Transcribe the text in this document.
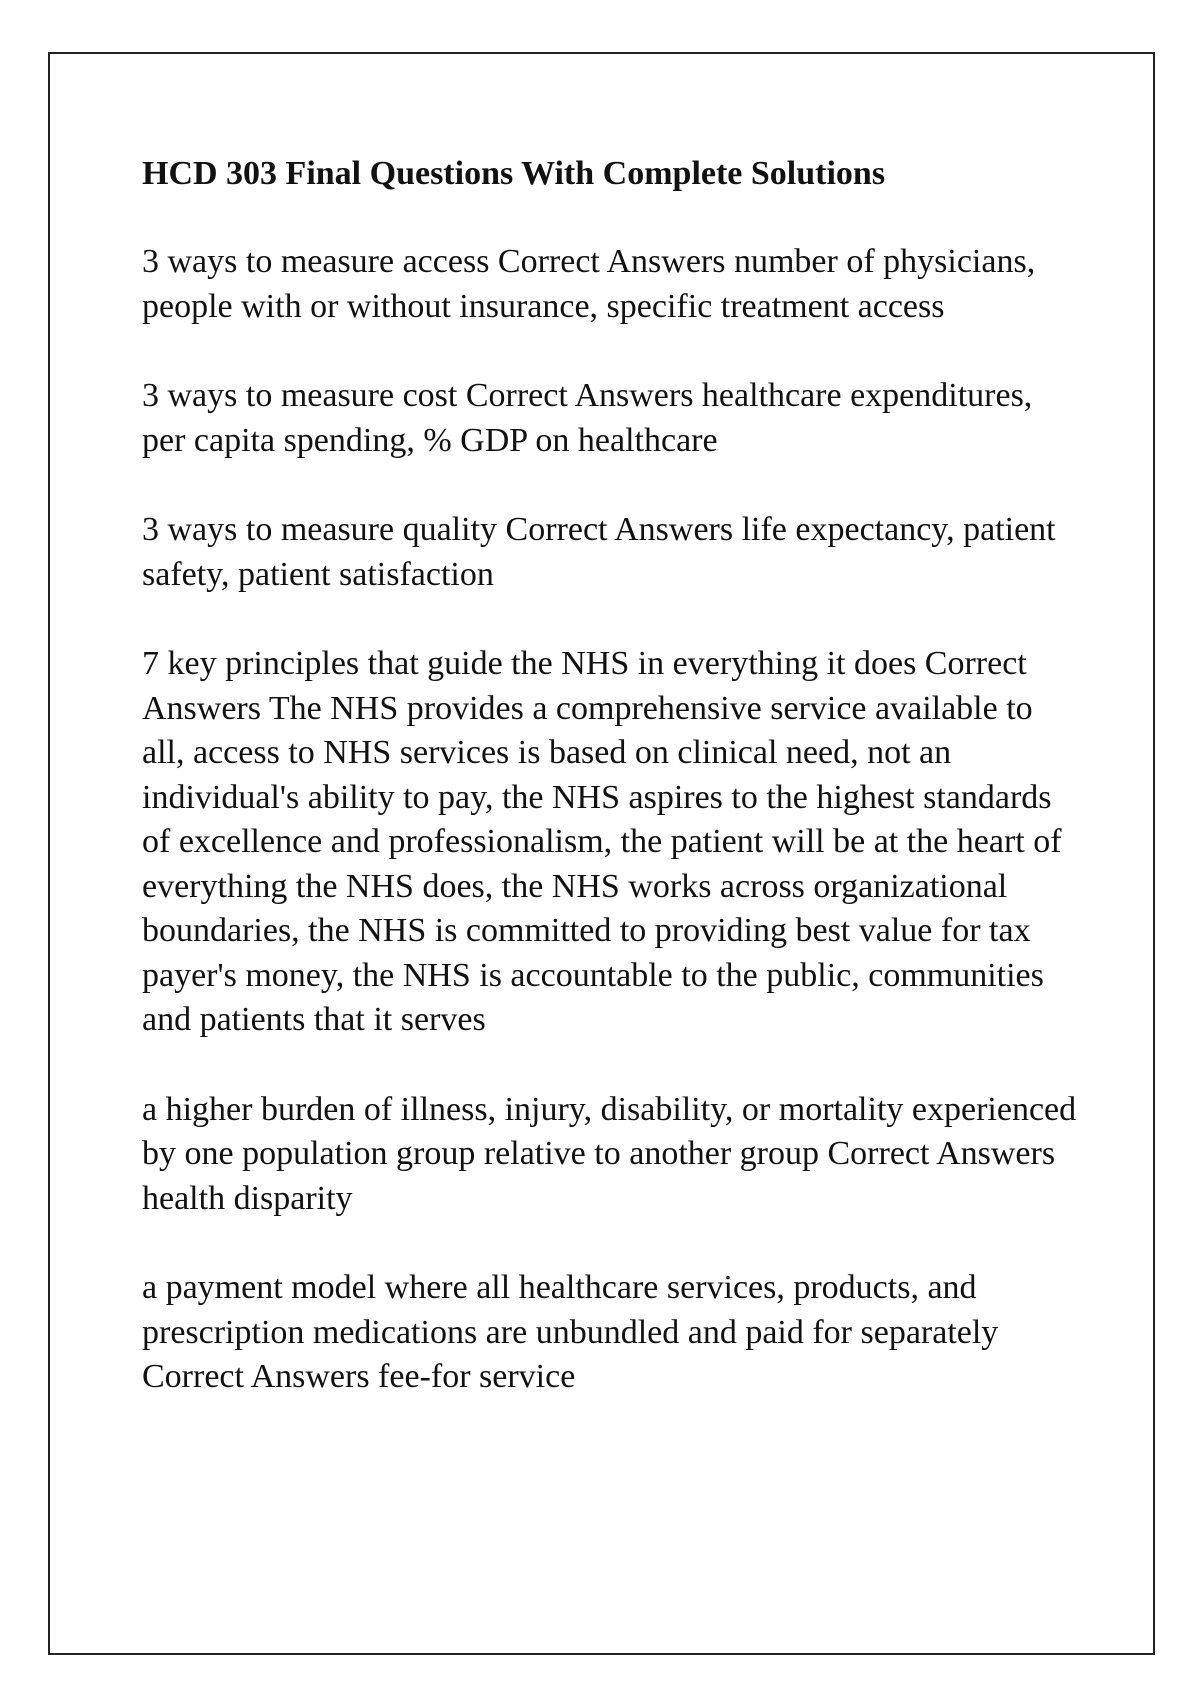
HCD 303 Final Questions With Complete Solutions
3 ways to measure access Correct Answers number of physicians, people with or without insurance, specific treatment access
3 ways to measure cost Correct Answers healthcare expenditures, per capita spending, % GDP on healthcare
3 ways to measure quality Correct Answers life expectancy, patient safety, patient satisfaction
7 key principles that guide the NHS in everything it does Correct Answers The NHS provides a comprehensive service available to all, access to NHS services is based on clinical need, not an individual's ability to pay, the NHS aspires to the highest standards of excellence and professionalism, the patient will be at the heart of everything the NHS does, the NHS works across organizational boundaries, the NHS is committed to providing best value for tax payer's money, the NHS is accountable to the public, communities and patients that it serves
a higher burden of illness, injury, disability, or mortality experienced by one population group relative to another group Correct Answers health disparity
a payment model where all healthcare services, products, and prescription medications are unbundled and paid for separately Correct Answers fee-for service
